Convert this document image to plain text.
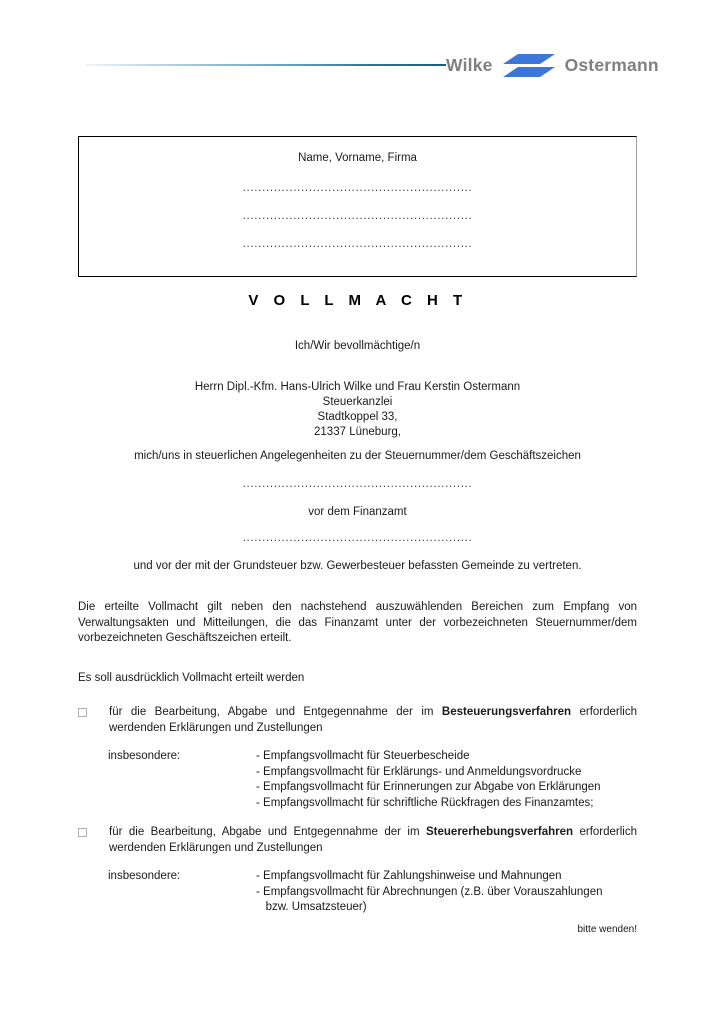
Wilke	Ostermann
Name, Vorname, Firma
...........................................................
...........................................................
...........................................................
V O L L M A C H T
Ich/Wir bevollmächtige/n
Herrn Dipl.-Kfm. Hans-Ulrich Wilke und Frau Kerstin Ostermann
Steuerkanzlei
Stadtkoppel 33,
21337 Lüneburg,
mich/uns in steuerlichen Angelegenheiten zu der Steuernummer/dem Geschäftszeichen
...........................................................
vor dem Finanzamt
...........................................................
und vor der mit der Grundsteuer bzw. Gewerbesteuer befassten Gemeinde zu vertreten.
Die erteilte Vollmacht gilt neben den nachstehend auszuwählenden Bereichen zum Empfang von Verwaltungsakten und Mitteilungen, die das Finanzamt unter der vorbezeichneten Steuernummer/dem vorbezeichneten Geschäftszeichen erteilt.
Es soll ausdrücklich Vollmacht erteilt werden
für die Bearbeitung, Abgabe und Entgegennahme der im Besteuerungsverfahren erforderlich werdenden Erklärungen und Zustellungen
insbesondere:	- Empfangsvollmacht für Steuerbescheide
- Empfangsvollmacht für Erklärungs- und Anmeldungsvordrucke
- Empfangsvollmacht für Erinnerungen zur Abgabe von Erklärungen
- Empfangsvollmacht für schriftliche Rückfragen des Finanzamtes;
für die Bearbeitung, Abgabe und Entgegennahme der im Steuererhebungsverfahren erforderlich werdenden Erklärungen und Zustellungen
insbesondere:	- Empfangsvollmacht für Zahlungshinweise und Mahnungen
- Empfangsvollmacht für Abrechnungen (z.B. über Vorauszahlungen
bzw. Umsatzsteuer)
bitte wenden!
